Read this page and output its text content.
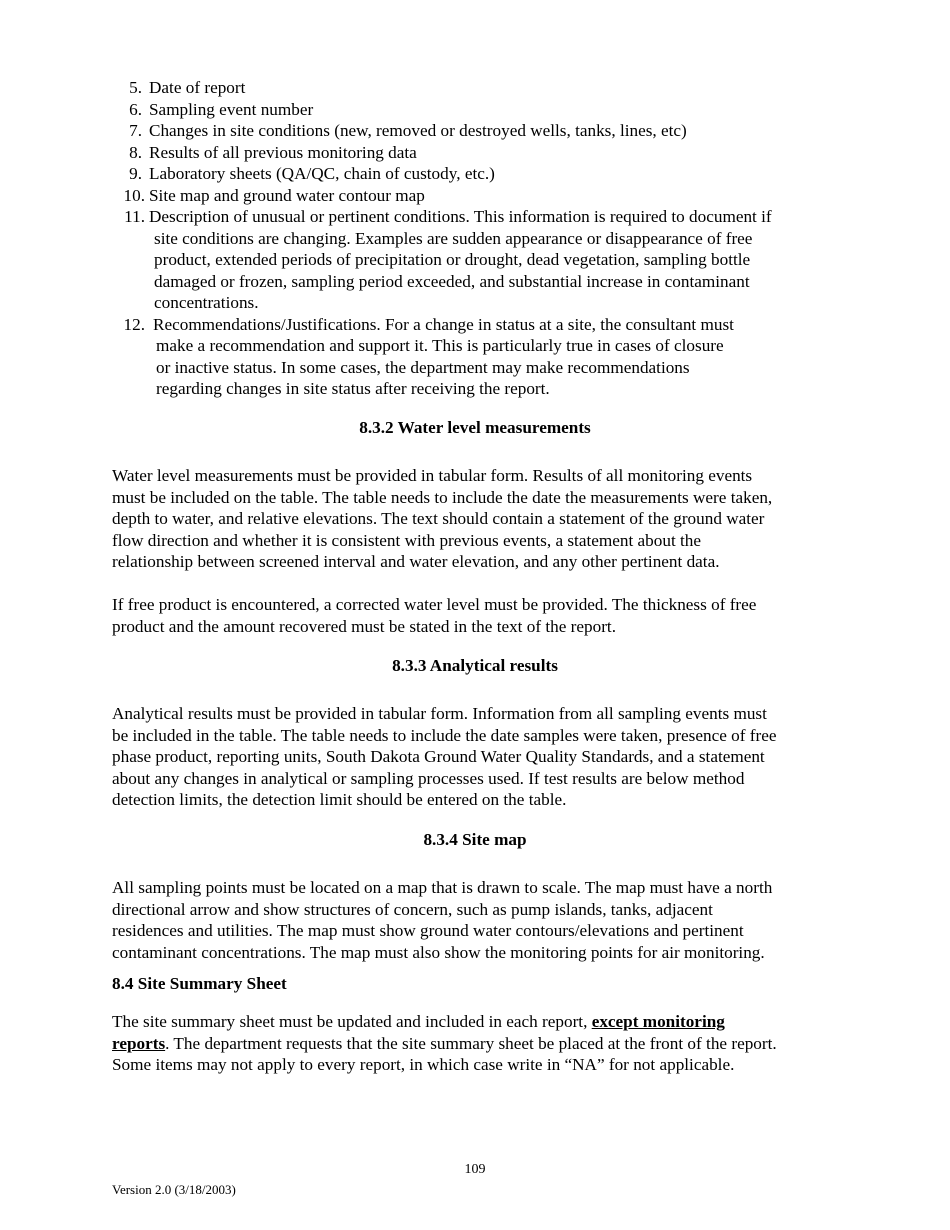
5. Date of report
6. Sampling event number
7. Changes in site conditions (new, removed or destroyed wells, tanks, lines, etc)
8. Results of all previous monitoring data
9. Laboratory sheets (QA/QC, chain of custody, etc.)
10. Site map and ground water contour map
11. Description of unusual or pertinent conditions. This information is required to document if
site conditions are changing. Examples are sudden appearance or disappearance of free
product, extended periods of precipitation or drought, dead vegetation, sampling bottle
damaged or frozen, sampling period exceeded, and substantial increase in contaminant
concentrations.
12. Recommendations/Justifications. For a change in status at a site, the consultant must
make a recommendation and support it. This is particularly true in cases of closure
or inactive status. In some cases, the department may make recommendations
regarding changes in site status after receiving the report.
8.3.2 Water level measurements

Water level measurements must be provided in tabular form. Results of all monitoring events
must be included on the table. The table needs to include the date the measurements were taken,
depth to water, and relative elevations. The text should contain a statement of the ground water
flow direction and whether it is consistent with previous events, a statement about the
relationship between screened interval and water elevation, and any other pertinent data.

If free product is encountered, a corrected water level must be provided. The thickness of free
product and the amount recovered must be stated in the text of the report.

8.3.3 Analytical results

Analytical results must be provided in tabular form. Information from all sampling events must
be included in the table. The table needs to include the date samples were taken, presence of free
phase product, reporting units, South Dakota Ground Water Quality Standards, and a statement
about any changes in analytical or sampling processes used. If test results are below method
detection limits, the detection limit should be entered on the table.

8.3.4 Site map

All sampling points must be located on a map that is drawn to scale. The map must have a north
directional arrow and show structures of concern, such as pump islands, tanks, adjacent
residences and utilities. The map must show ground water contours/elevations and pertinent
contaminant concentrations. The map must also show the monitoring points for air monitoring.

8.4 Site Summary Sheet

The site summary sheet must be updated and included in each report, except monitoring
reports. The department requests that the site summary sheet be placed at the front of the report.
Some items may not apply to every report, in which case write in “NA” for not applicable.

109
Version 2.0 (3/18/2003)
